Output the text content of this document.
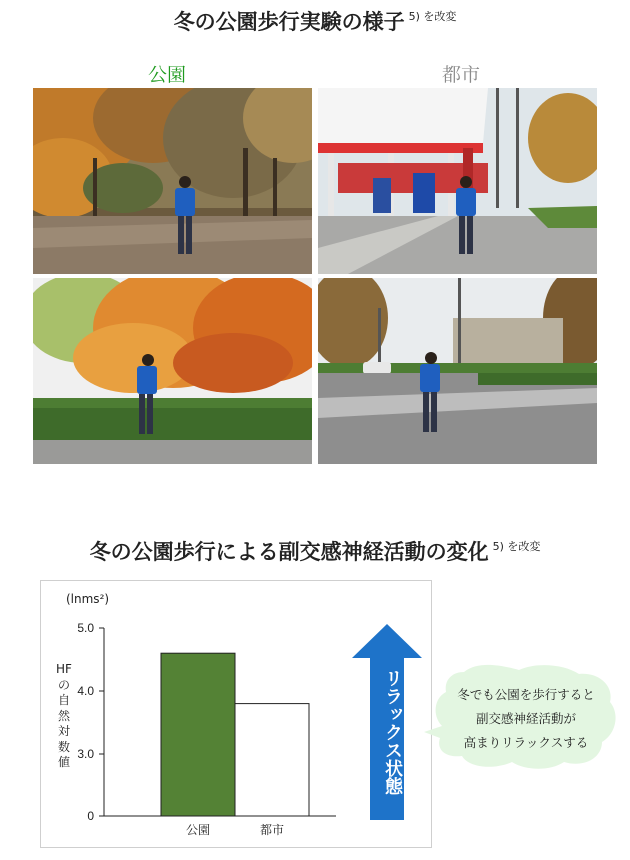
冬の公園歩行実験の様子 $^{5) を改変}$
公園	都市
冬の公園歩行による副交感神経活動の変化 $^{5) を改変}$
5.0
4.0
3.0
0
公園	都市
(lnms²)
HFの自然対数値	リラックス状態	冬でも公園を歩行すると
副交感神経活動が
高まりリラックスする
